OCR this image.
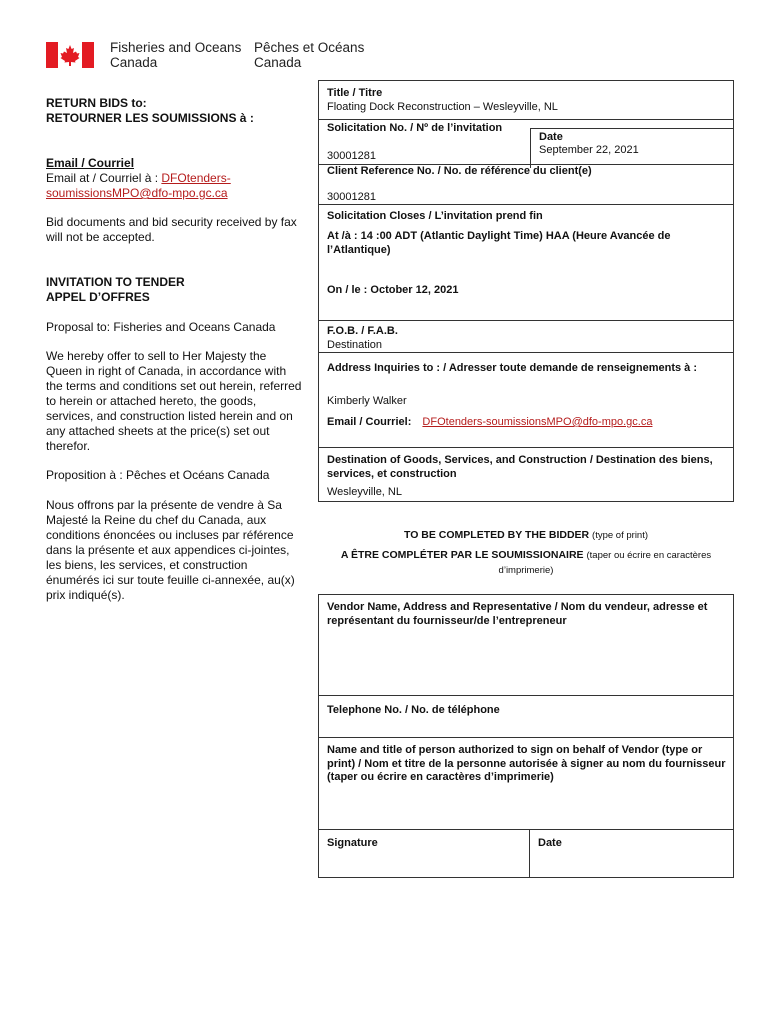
Fisheries and Oceans
Canada
Pêches et Océans
Canada
RETURN BIDS to:
RETOURNER LES SOUMISSIONS à :
Email / Courriel
Email at / Courriel à : DFOtenders-
soumissionsMPO@dfo-mpo.gc.ca
Bid documents and bid security received by fax will not be accepted.
INVITATION TO TENDER
APPEL D’OFFRES
Proposal to: Fisheries and Oceans Canada
We hereby offer to sell to Her Majesty the Queen in right of Canada, in accordance with the terms and conditions set out herein, referred to herein or attached hereto, the goods, services, and construction listed herein and on any attached sheets at the price(s) set out therefor.
Proposition à : Pêches et Océans Canada
Nous offrons par la présente de vendre à Sa Majesté la Reine du chef du Canada, aux conditions énoncées ou incluses par référence dans la présente et aux appendices ci-jointes, les biens, les services, et construction énumérés ici sur toute feuille ci-annexée, au(x) prix indiqué(s).
Title / Titre
Floating Dock Reconstruction – Wesleyville, NL
Solicitation No. / Nº de l’invitation
30001281
Date
September 22, 2021
Client Reference No. / No. de référence du client(e)
30001281
Solicitation Closes / L’invitation prend fin
At /à : 14 :00 ADT (Atlantic Daylight Time) HAA (Heure Avancée de l’Atlantique)
On / le : October 12, 2021
F.O.B. / F.A.B.
Destination
Address Inquiries to : / Adresser toute demande de renseignements à :
Kimberly Walker
Email / Courriel: DFOtenders-soumissionsMPO@dfo-mpo.gc.ca
Destination of Goods, Services, and Construction / Destination des biens, services, et construction
Wesleyville, NL
TO BE COMPLETED BY THE BIDDER (type of print)
A ÊTRE COMPLÉTER PAR LE SOUMISSIONAIRE (taper ou écrire en caractères d’imprimerie)
Vendor Name, Address and Representative / Nom du vendeur, adresse et représentant du fournisseur/de l’entrepreneur
Telephone No. / No. de téléphone
Name and title of person authorized to sign on behalf of Vendor (type or print) / Nom et titre de la personne autorisée à signer au nom du fournisseur (taper ou écrire en caractères d’imprimerie)
Signature	Date
